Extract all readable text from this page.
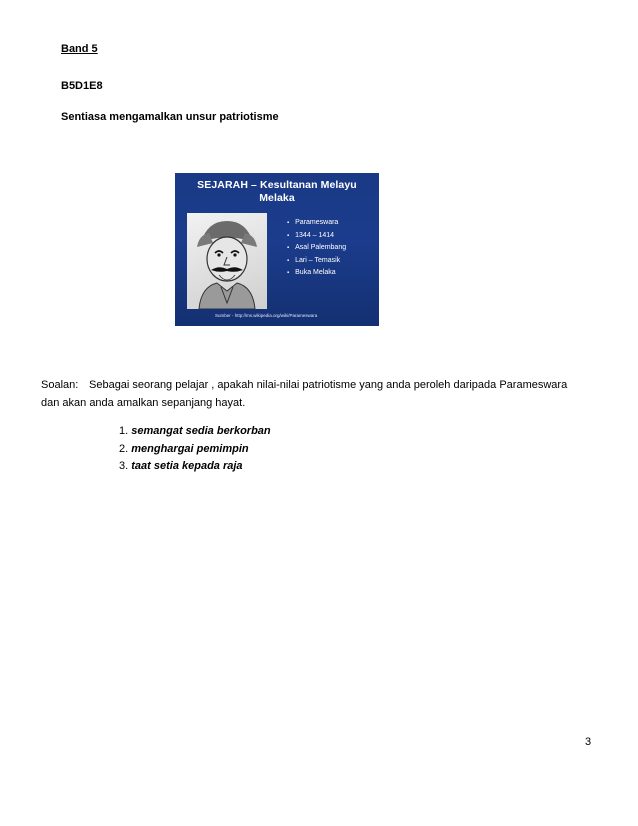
Band 5
B5D1E8
Sentiasa mengamalkan unsur patriotisme
SEJARAH – Kesultanan Melayu
Melaka
▪ Parameswara
▪ 1344 – 1414
▪ Asal Palembang
▪ Lari – Temasik
▪ Buka Melaka
Sumber - http://ms.wikipedia.org/wiki/Parameswara
Soalan: Sebagai seorang pelajar , apakah nilai-nilai patriotisme yang anda peroleh daripada Parameswara
dan akan anda amalkan sepanjang hayat.
1. semangat sedia berkorban
2. menghargai pemimpin
3. taat setia kepada raja
3
